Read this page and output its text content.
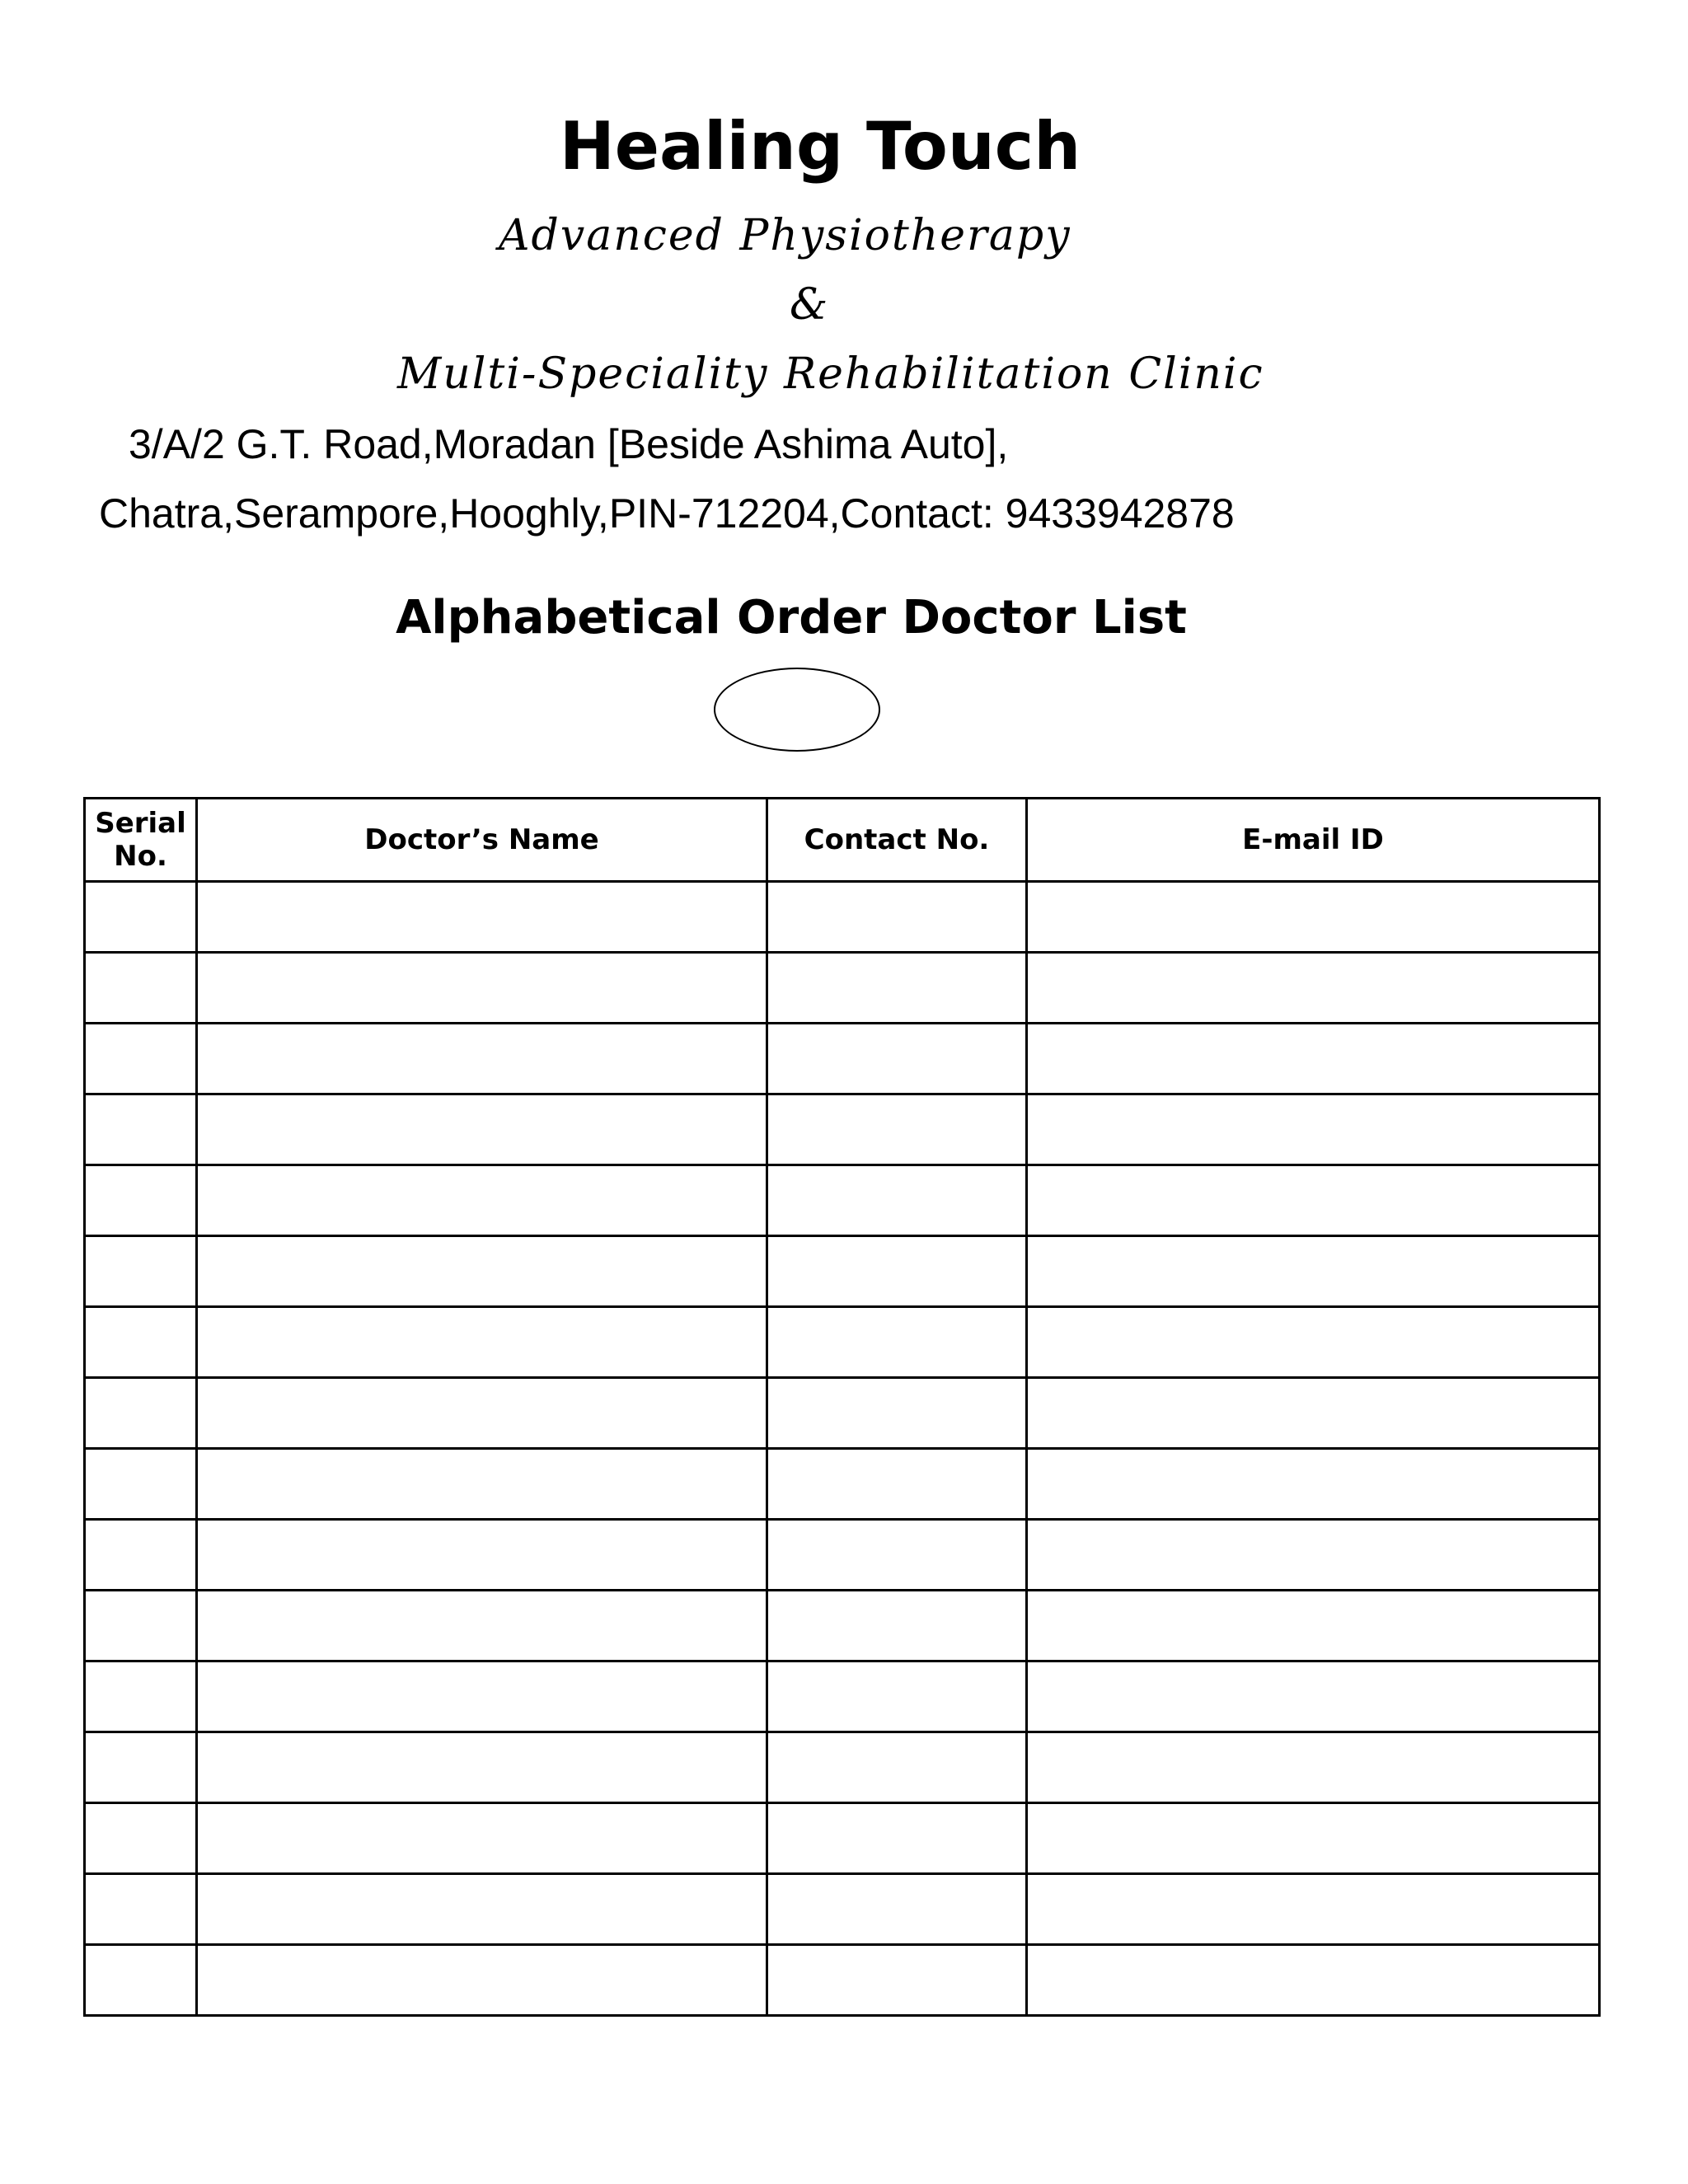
Healing Touch
Advanced Physiotherapy
&
Multi-Speciality Rehabilitation Clinic
3/A/2 G.T. Road,Moradan [Beside Ashima Auto],
Chatra,Serampore,Hooghly,PIN-712204,Contact: 9433942878
Alphabetical Order Doctor List
Serial
No.	Doctor’s Name	Contact No.	E-mail ID
